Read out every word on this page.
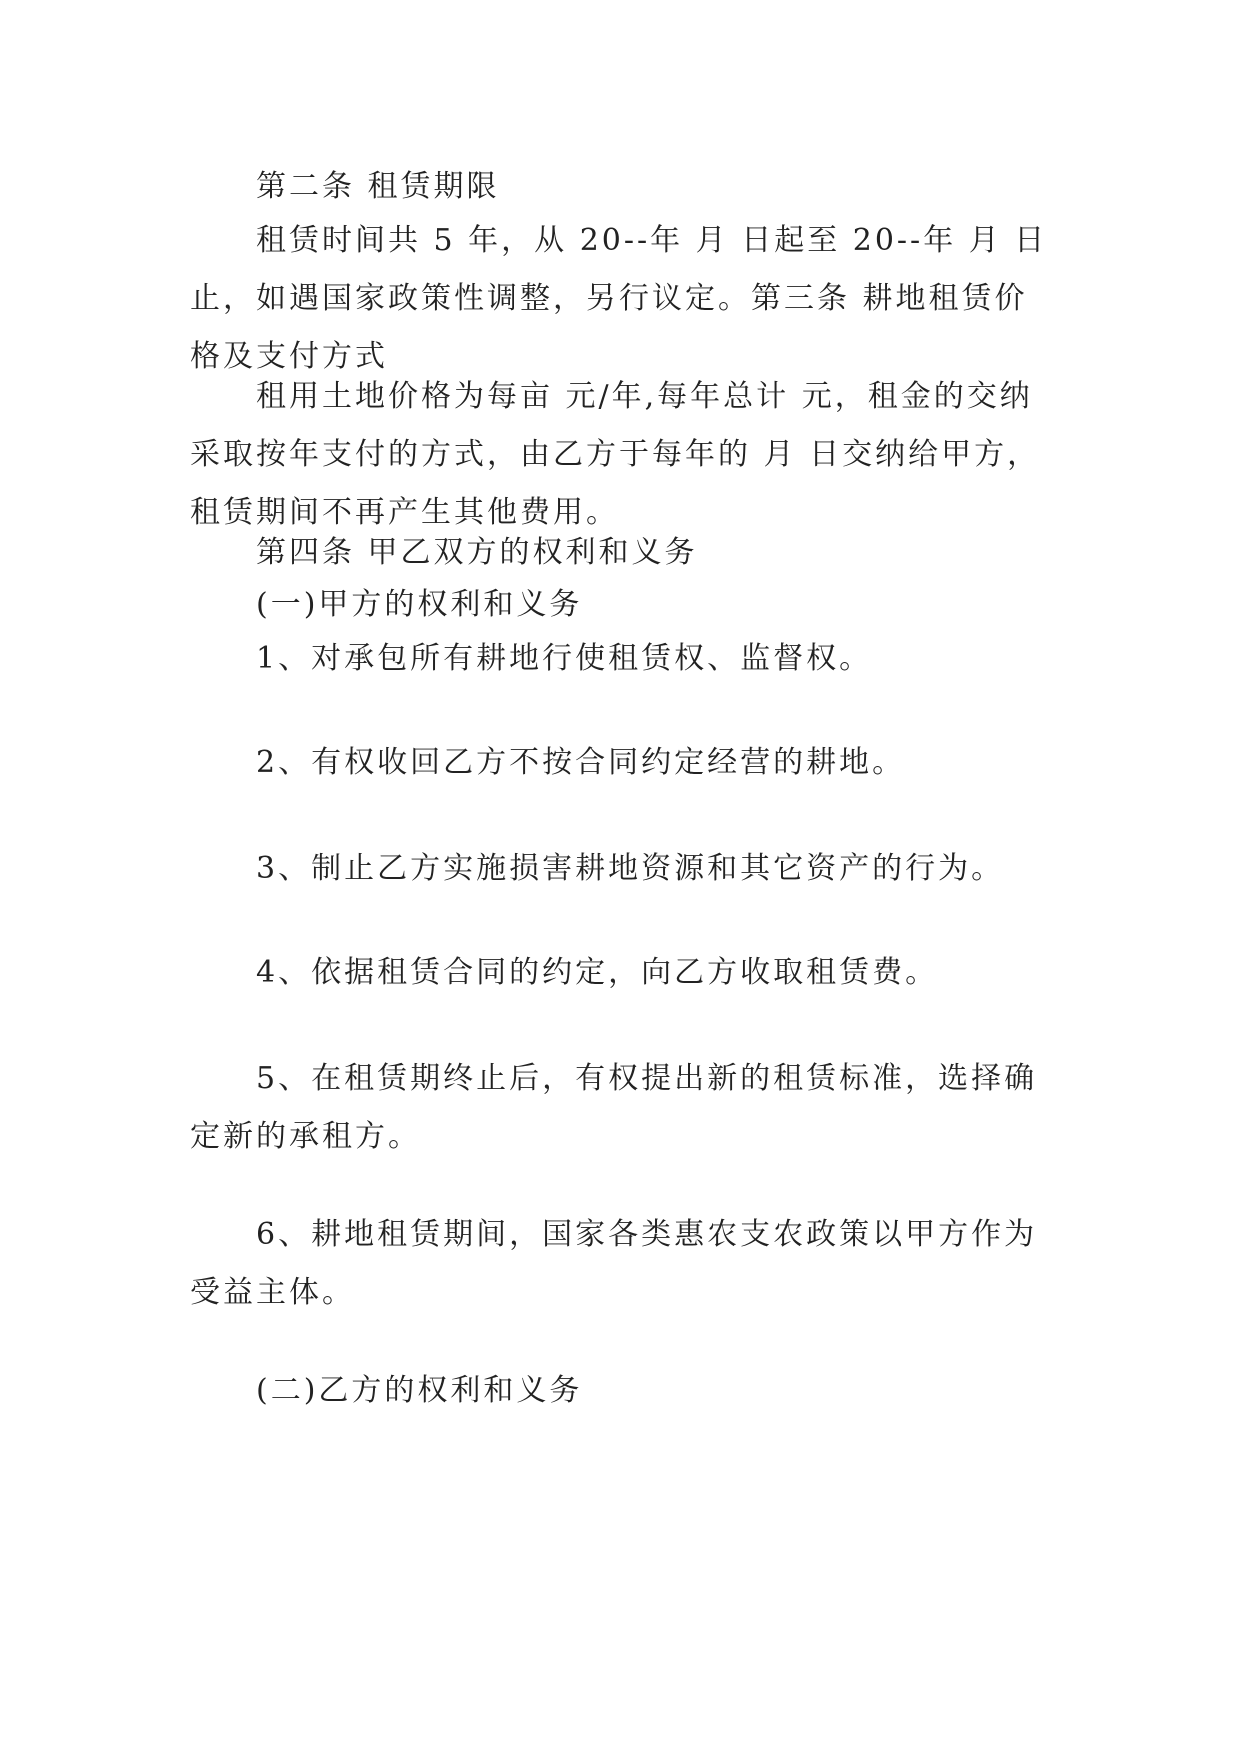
第二条 租赁期限

租赁时间共 5 年，从 20--年 月 日起至 20--年 月 日止，如遇国家政策性调整，另行议定。第三条 耕地租赁价格及支付方式

租用土地价格为每亩 元/年,每年总计 元，租金的交纳采取按年支付的方式，由乙方于每年的 月 日交纳给甲方，租赁期间不再产生其他费用。

第四条 甲乙双方的权利和义务

(一)甲方的权利和义务

1、对承包所有耕地行使租赁权、监督权。

2、有权收回乙方不按合同约定经营的耕地。

3、制止乙方实施损害耕地资源和其它资产的行为。

4、依据租赁合同的约定，向乙方收取租赁费。

5、在租赁期终止后，有权提出新的租赁标准，选择确定新的承租方。

6、耕地租赁期间，国家各类惠农支农政策以甲方作为受益主体。

(二)乙方的权利和义务
